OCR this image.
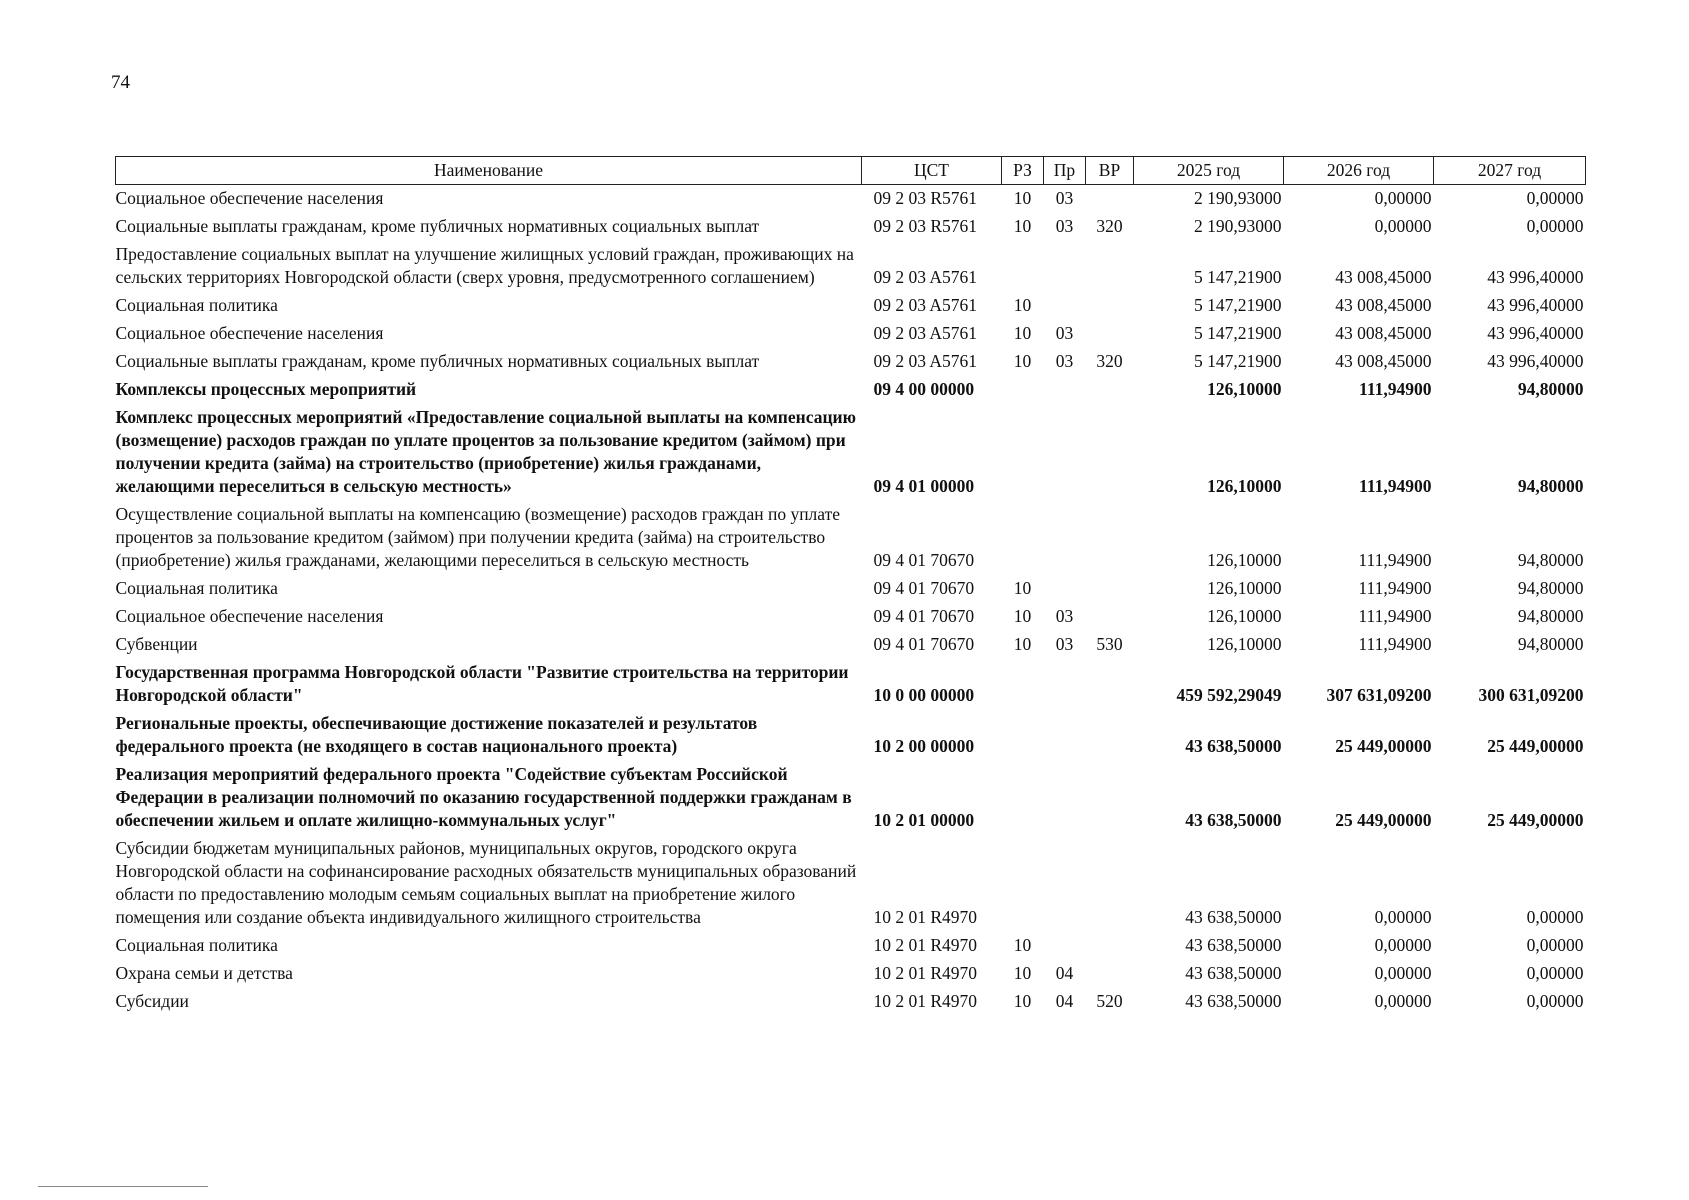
74
Наименование	ЦСТ	РЗ	Пр	ВР	2025 год	2026 год	2027 год
Социальное обеспечение населения	09 2 03 R5761	10	03		2 190,93000	0,00000	0,00000
Социальные выплаты гражданам, кроме публичных нормативных социальных выплат	09 2 03 R5761	10	03	320	2 190,93000	0,00000	0,00000
Предоставление социальных выплат на улучшение жилищных условий граждан, проживающих на сельских территориях Новгородской области (сверх уровня, предусмотренного соглашением)	09 2 03 A5761				5 147,21900	43 008,45000	43 996,40000
Социальная политика	09 2 03 A5761	10			5 147,21900	43 008,45000	43 996,40000
Социальное обеспечение населения	09 2 03 A5761	10	03		5 147,21900	43 008,45000	43 996,40000
Социальные выплаты гражданам, кроме публичных нормативных социальных выплат	09 2 03 A5761	10	03	320	5 147,21900	43 008,45000	43 996,40000
Комплексы процессных мероприятий	09 4 00 00000				126,10000	111,94900	94,80000
Комплекс процессных мероприятий «Предоставление социальной выплаты на компенсацию (возмещение) расходов граждан по уплате процентов за пользование кредитом (займом) при получении кредита (займа) на строительство (приобретение) жилья гражданами, желающими переселиться в сельскую местность»	09 4 01 00000				126,10000	111,94900	94,80000
Осуществление социальной выплаты на компенсацию (возмещение) расходов граждан по уплате процентов за пользование кредитом (займом) при получении кредита (займа) на строительство (приобретение) жилья гражданами, желающими переселиться в сельскую местность	09 4 01 70670				126,10000	111,94900	94,80000
Социальная политика	09 4 01 70670	10			126,10000	111,94900	94,80000
Социальное обеспечение населения	09 4 01 70670	10	03		126,10000	111,94900	94,80000
Субвенции	09 4 01 70670	10	03	530	126,10000	111,94900	94,80000
Государственная программа Новгородской области "Развитие строительства на территории Новгородской области"	10 0 00 00000				459 592,29049	307 631,09200	300 631,09200
Региональные проекты, обеспечивающие достижение показателей и результатов федерального проекта (не входящего в состав национального проекта)	10 2 00 00000				43 638,50000	25 449,00000	25 449,00000
Реализация мероприятий федерального проекта "Содействие субъектам Российской Федерации в реализации полномочий по оказанию государственной поддержки гражданам в обеспечении жильем и оплате жилищно-коммунальных услуг"	10 2 01 00000				43 638,50000	25 449,00000	25 449,00000
Субсидии бюджетам муниципальных районов, муниципальных округов, городского округа Новгородской области на софинансирование расходных обязательств муниципальных образований области по предоставлению молодым семьям социальных выплат на приобретение жилого помещения или создание объекта индивидуального жилищного строительства	10 2 01 R4970				43 638,50000	0,00000	0,00000
Социальная политика	10 2 01 R4970	10			43 638,50000	0,00000	0,00000
Охрана семьи и детства	10 2 01 R4970	10	04		43 638,50000	0,00000	0,00000
Субсидии	10 2 01 R4970	10	04	520	43 638,50000	0,00000	0,00000
